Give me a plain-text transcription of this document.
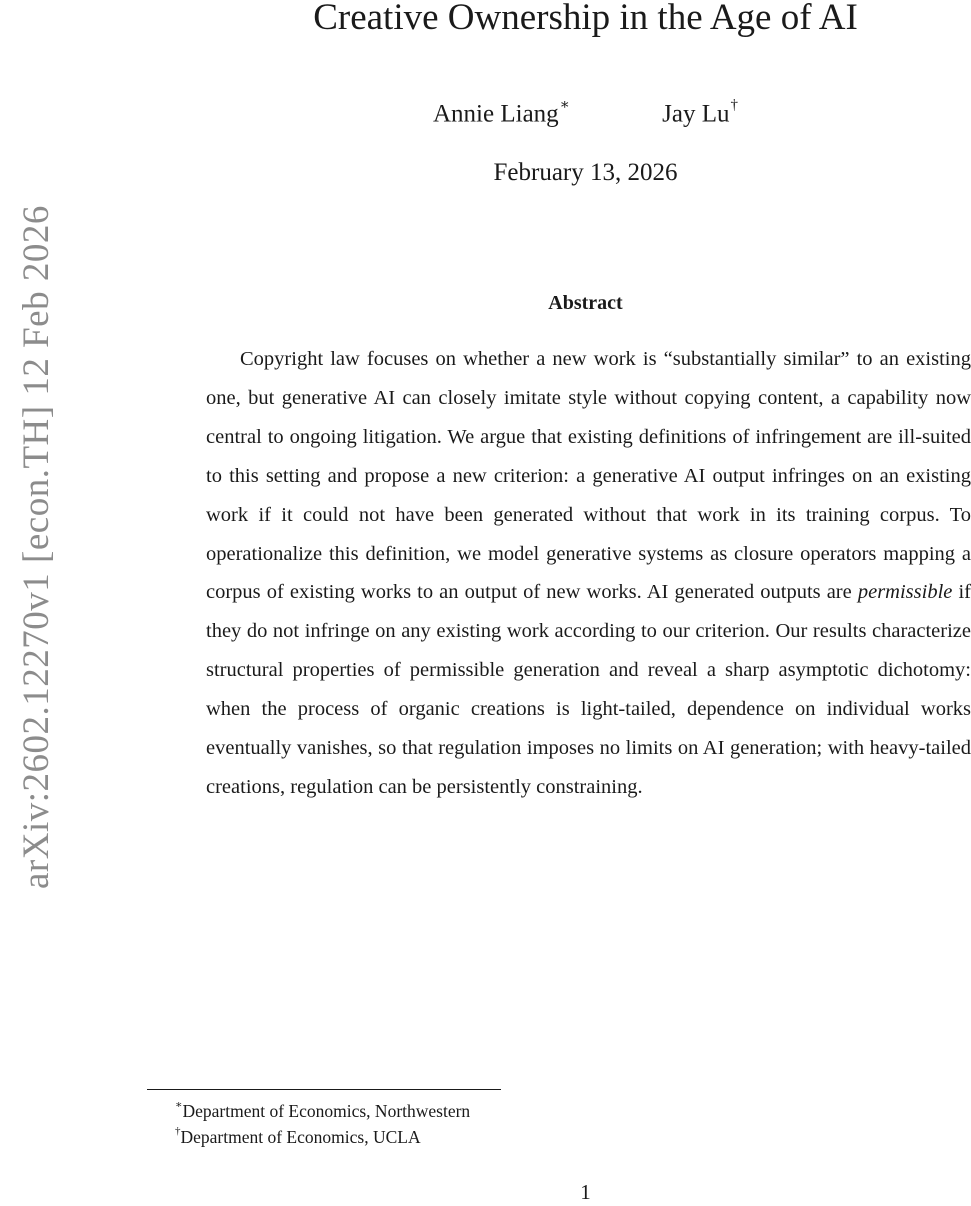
arXiv:2602.12270v1 [econ.TH] 12 Feb 2026
Creative Ownership in the Age of AI
Annie Liang∗	Jay Lu†
February 13, 2026
Abstract

Copyright law focuses on whether a new work is “substantially similar” to an existing one, but generative AI can closely imitate style without copying content, a capability now central to ongoing litigation. We argue that existing definitions of infringement are ill-suited to this setting and propose a new criterion: a generative AI output infringes on an existing work if it could not have been generated without that work in its training corpus. To operationalize this definition, we model generative systems as closure operators mapping a corpus of existing works to an output of new works. AI generated outputs are permissible if they do not infringe on any existing work according to our criterion. Our results characterize structural properties of permissible generation and reveal a sharp asymptotic dichotomy: when the process of organic creations is light-tailed, dependence on individual works eventually vanishes, so that regulation imposes no limits on AI generation; with heavy-tailed creations, regulation can be persistently constraining.

∗Department of Economics, Northwestern
†Department of Economics, UCLA
1
